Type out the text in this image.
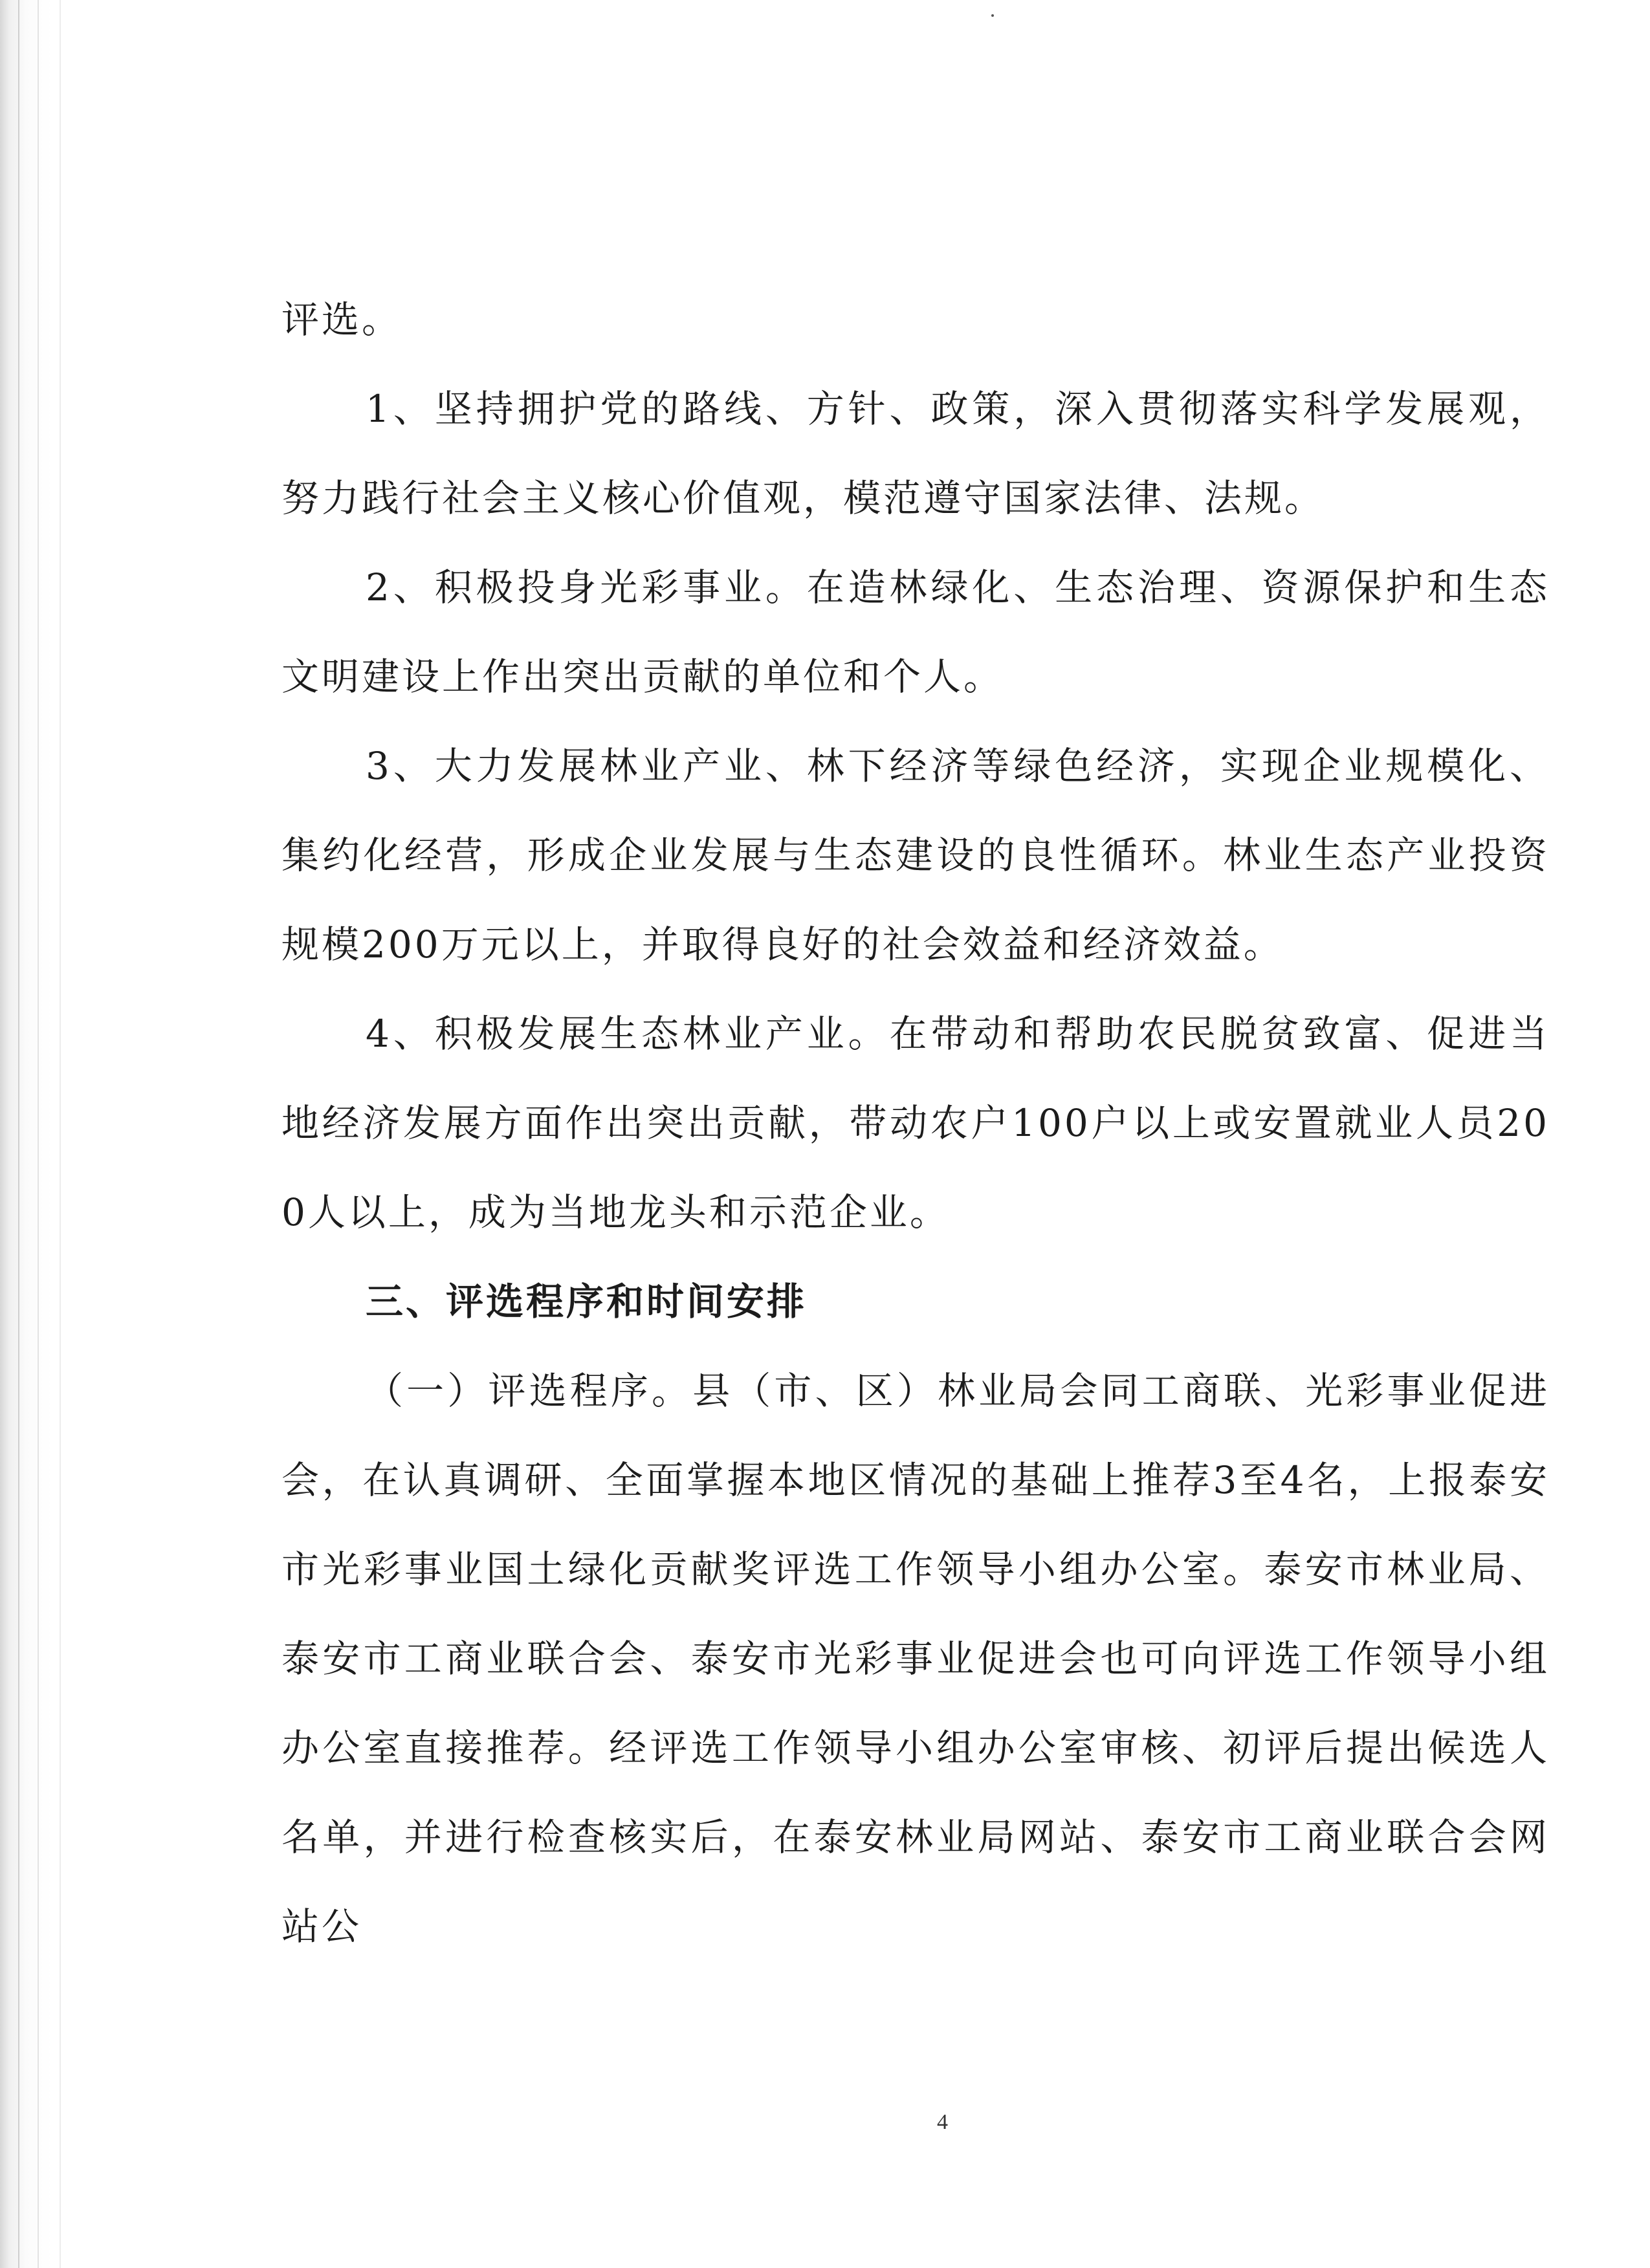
评选。

1、坚持拥护党的路线、方针、政策，深入贯彻落实科学发展观，努力践行社会主义核心价值观，模范遵守国家法律、法规。

2、积极投身光彩事业。在造林绿化、生态治理、资源保护和生态文明建设上作出突出贡献的单位和个人。

3、大力发展林业产业、林下经济等绿色经济，实现企业规模化、集约化经营，形成企业发展与生态建设的良性循环。林业生态产业投资规模200万元以上，并取得良好的社会效益和经济效益。

4、积极发展生态林业产业。在带动和帮助农民脱贫致富、促进当地经济发展方面作出突出贡献，带动农户100户以上或安置就业人员200人以上，成为当地龙头和示范企业。

三、评选程序和时间安排

（一）评选程序。县（市、区）林业局会同工商联、光彩事业促进会，在认真调研、全面掌握本地区情况的基础上推荐3至4名，上报泰安市光彩事业国土绿化贡献奖评选工作领导小组办公室。泰安市林业局、泰安市工商业联合会、泰安市光彩事业促进会也可向评选工作领导小组办公室直接推荐。经评选工作领导小组办公室审核、初评后提出候选人名单，并进行检查核实后，在泰安林业局网站、泰安市工商业联合会网站公

4
